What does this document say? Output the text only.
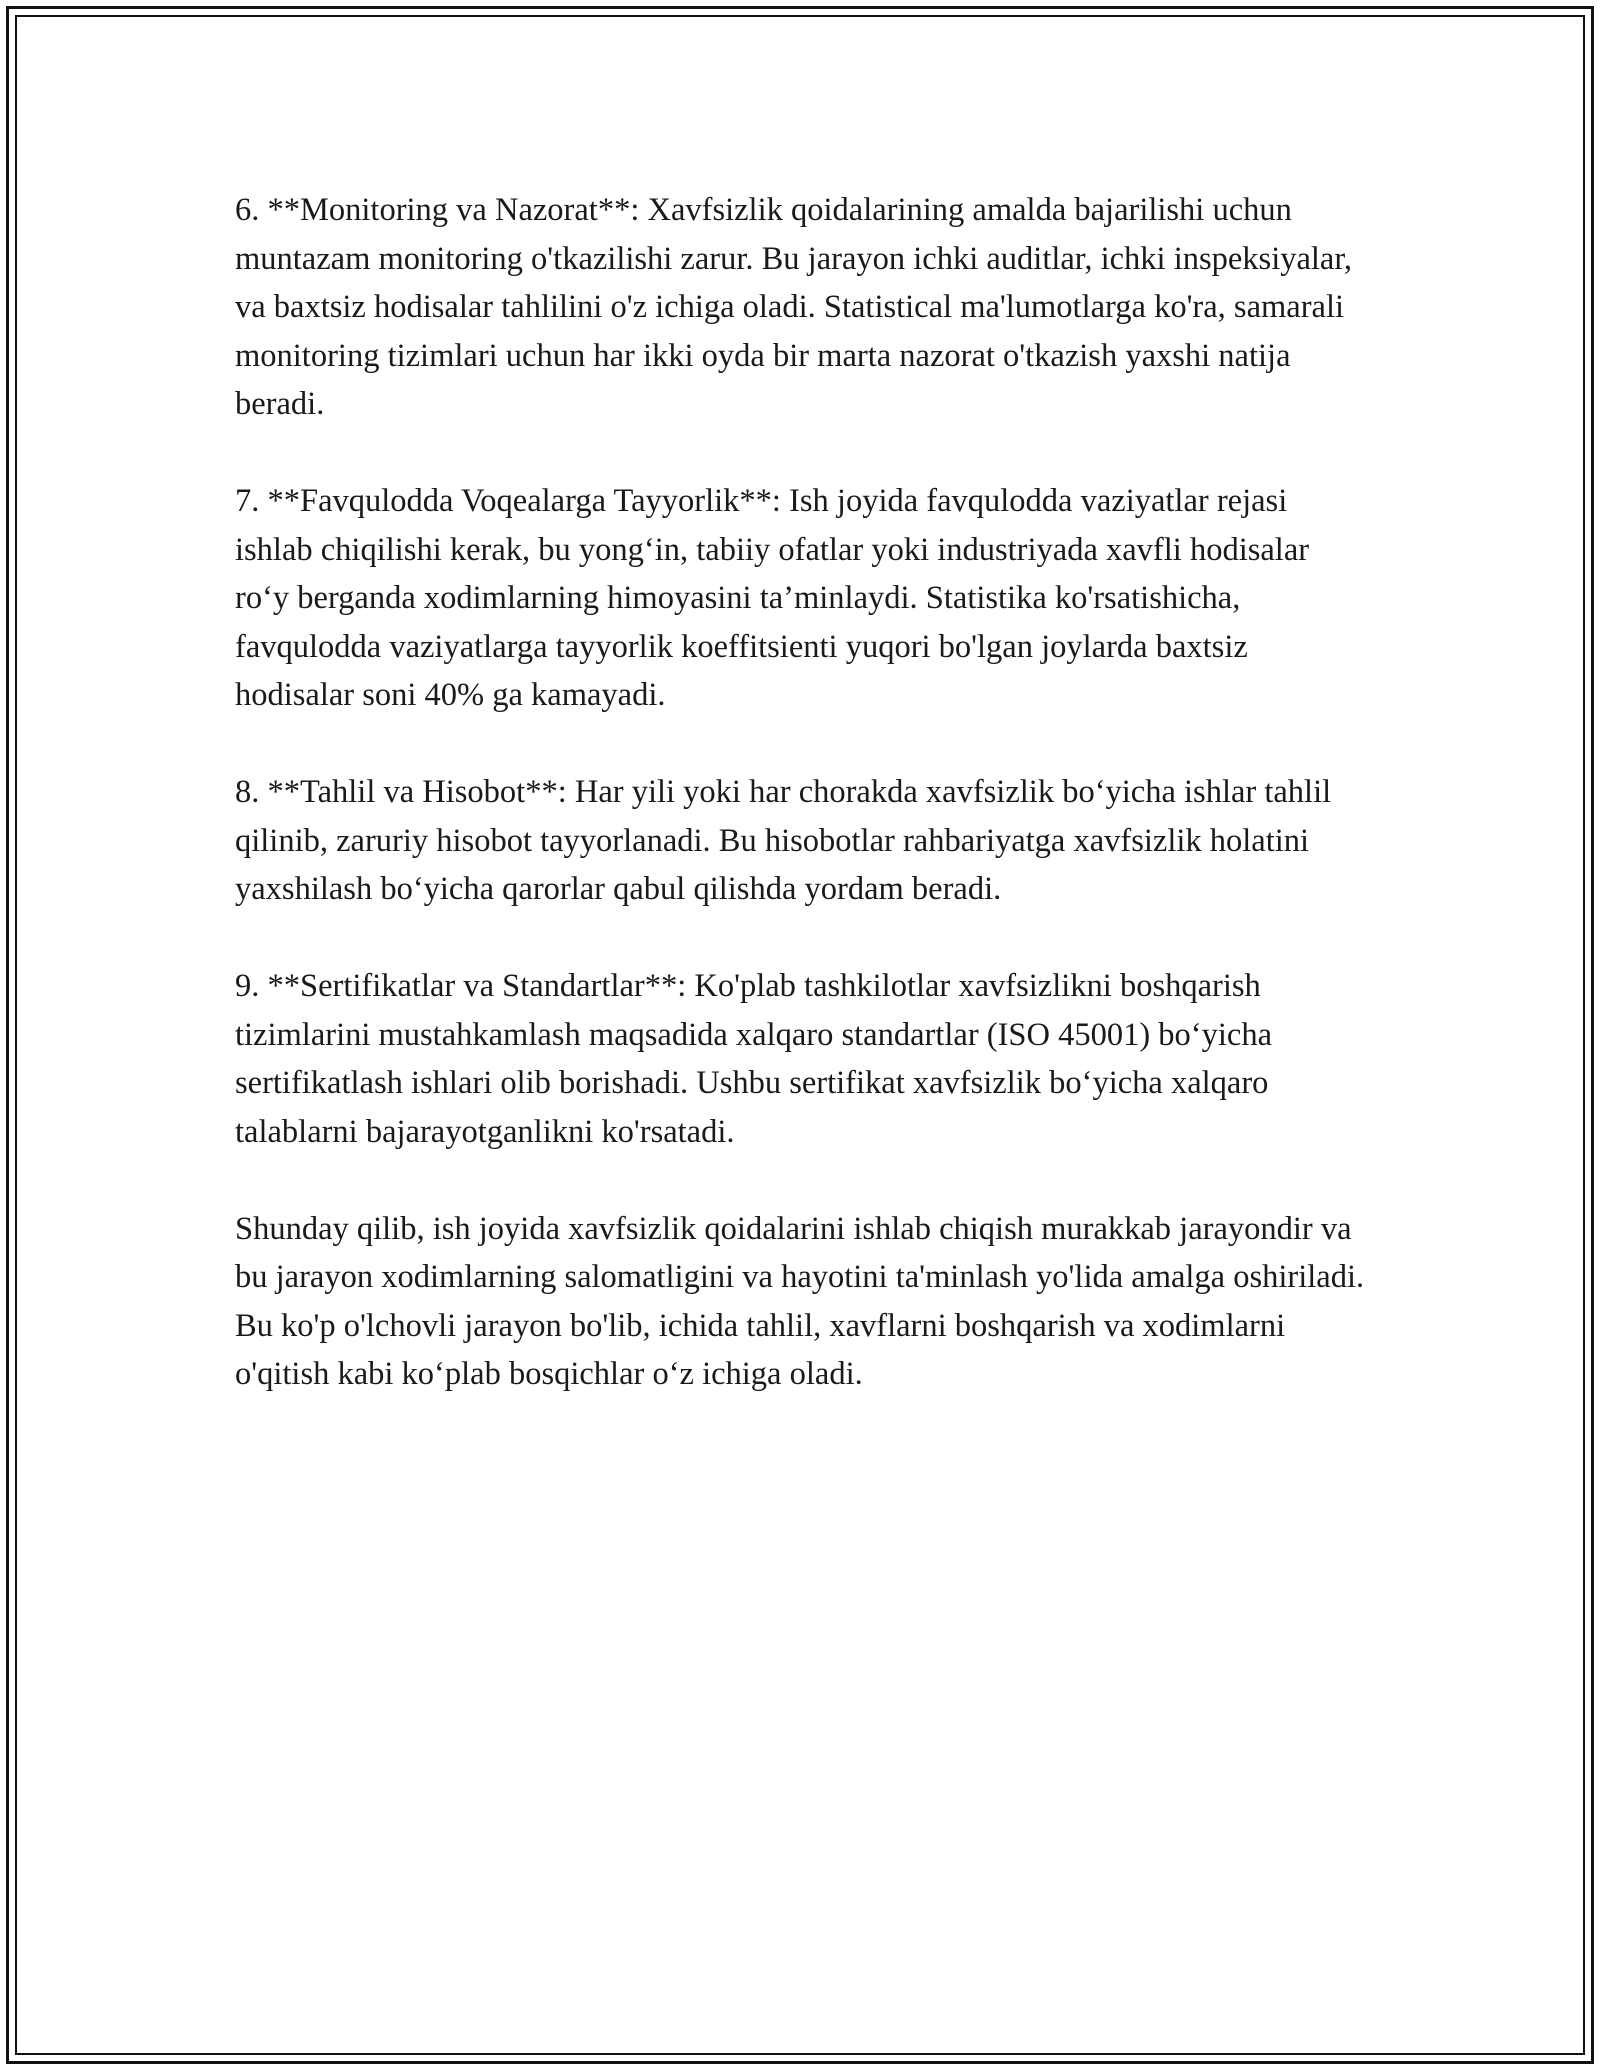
6. **Monitoring va Nazorat**: Xavfsizlik qoidalarining amalda bajarilishi uchun muntazam monitoring o'tkazilishi zarur. Bu jarayon ichki auditlar, ichki inspeksiyalar, va baxtsiz hodisalar tahlilini o'z ichiga oladi. Statistical ma'lumotlarga ko'ra, samarali monitoring tizimlari uchun har ikki oyda bir marta nazorat o'tkazish yaxshi natija beradi.

7. **Favqulodda Voqealarga Tayyorlik**: Ish joyida favqulodda vaziyatlar rejasi ishlab chiqilishi kerak, bu yong‘in, tabiiy ofatlar yoki industriyada xavfli hodisalar ro‘y berganda xodimlarning himoyasini ta’minlaydi. Statistika ko'rsatishicha, favqulodda vaziyatlarga tayyorlik koeffitsienti yuqori bo'lgan joylarda baxtsiz hodisalar soni 40% ga kamayadi.

8. **Tahlil va Hisobot**: Har yili yoki har chorakda xavfsizlik bo‘yicha ishlar tahlil qilinib, zaruriy hisobot tayyorlanadi. Bu hisobotlar rahbariyatga xavfsizlik holatini yaxshilash bo‘yicha qarorlar qabul qilishda yordam beradi.

9. **Sertifikatlar va Standartlar**: Ko'plab tashkilotlar xavfsizlikni boshqarish tizimlarini mustahkamlash maqsadida xalqaro standartlar (ISO 45001) bo‘yicha sertifikatlash ishlari olib borishadi. Ushbu sertifikat xavfsizlik bo‘yicha xalqaro talablarni bajarayotganlikni ko'rsatadi.

Shunday qilib, ish joyida xavfsizlik qoidalarini ishlab chiqish murakkab jarayondir va bu jarayon xodimlarning salomatligini va hayotini ta'minlash yo'lida amalga oshiriladi. Bu ko'p o'lchovli jarayon bo'lib, ichida tahlil, xavflarni boshqarish va xodimlarni o'qitish kabi ko‘plab bosqichlar o‘z ichiga oladi.
